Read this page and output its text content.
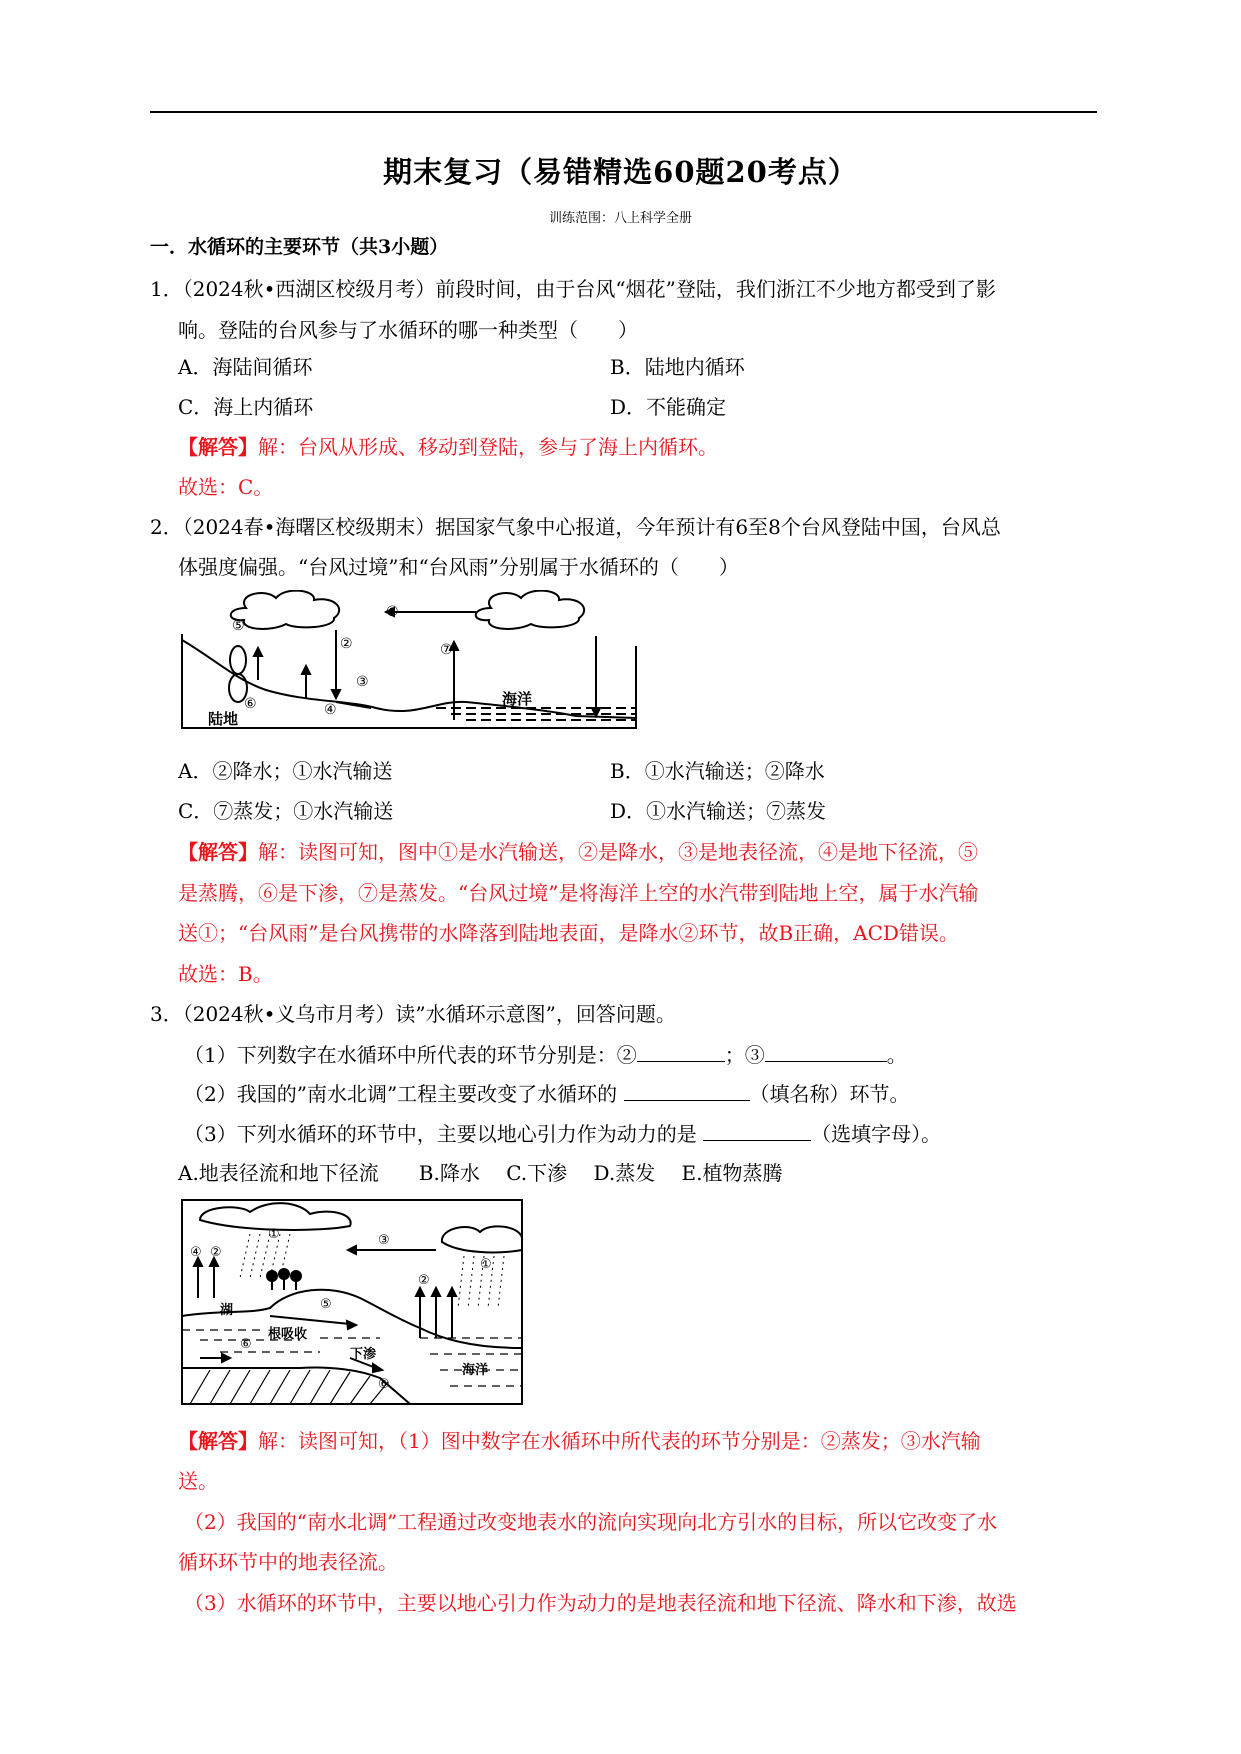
期末复习（易错精选60题20考点）
训练范围：八上科学全册
一．水循环的主要环节（共3小题）
1．（2024秋•西湖区校级月考）前段时间，由于台风“烟花”登陆，我们浙江不少地方都受到了影
响。登陆的台风参与了水循环的哪一种类型（　　）
A．海陆间循环	B．陆地内循环
C．海上内循环	D．不能确定
【解答】解：台风从形成、移动到登陆，参与了海上内循环。
故选：C。
2．（2024春•海曙区校级期末）据国家气象中心报道，今年预计有6至8个台风登陆中国，台风总
体强度偏强。“台风过境”和“台风雨”分别属于水循环的（　　）
①
②
③
④
⑤
⑥
⑦
陆地
海洋
A．②降水；①水汽输送	B．①水汽输送；②降水
C．⑦蒸发；①水汽输送	D．①水汽输送；⑦蒸发
【解答】解：读图可知，图中①是水汽输送，②是降水，③是地表径流，④是地下径流，⑤
是蒸腾，⑥是下渗，⑦是蒸发。“台风过境”是将海洋上空的水汽带到陆地上空，属于水汽输
送①；“台风雨”是台风携带的水降落到陆地表面，是降水②环节，故B正确，ACD错误。
故选：B。
3．（2024秋•义乌市月考）读”水循环示意图”，回答问题。
（1）下列数字在水循环中所代表的环节分别是：②	；③	。
（2）我国的”南水北调”工程主要改变了水循环的	（填名称）环节。
（3）下列水循环的环节中，主要以地心引力作为动力的是	（选填字母）。
A.地表径流和地下径流　　B.降水　 C.下渗　 D.蒸发　 E.植物蒸腾
①
①
②
②
③
④
⑤
⑥
⑥
湖
根吸收
下渗
海洋
【解答】解：读图可知，（1）图中数字在水循环中所代表的环节分别是：②蒸发；③水汽输
送。
（2）我国的“南水北调”工程通过改变地表水的流向实现向北方引水的目标，所以它改变了水
循环环节中的地表径流。
（3）水循环的环节中，主要以地心引力作为动力的是地表径流和地下径流、降水和下渗，故选
